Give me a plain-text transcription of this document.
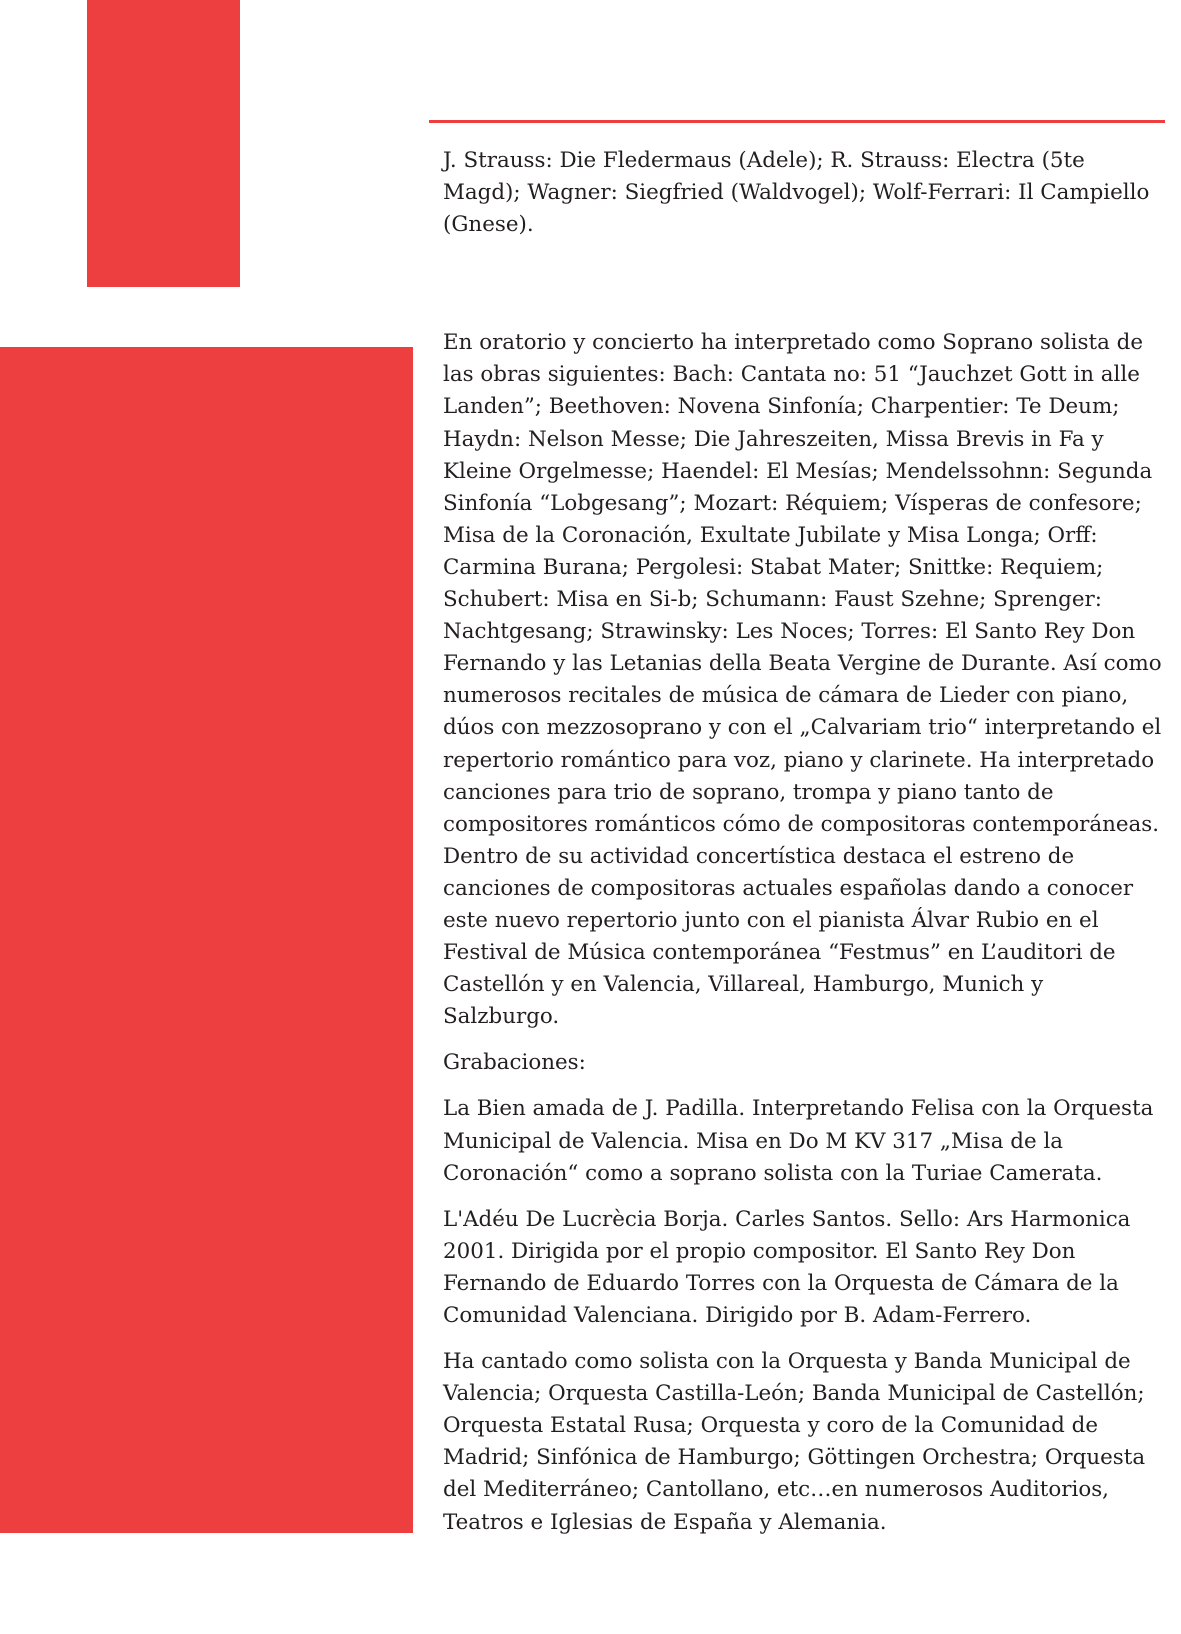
J. Strauss: Die Fledermaus (Adele); R. Strauss: Electra (5te Magd); Wagner: Siegfried (Waldvogel); Wolf-Ferrari: Il Campiello (Gnese).

En oratorio y concierto ha interpretado como Soprano solista de las obras siguientes: Bach: Cantata no: 51 “Jauchzet Gott in alle Landen”; Beethoven: Novena Sinfonía; Charpentier: Te Deum; Haydn: Nelson Messe; Die Jahreszeiten, Missa Brevis in Fa y Kleine Orgelmesse; Haendel: El Mesías; Mendelssohnn: Segunda Sinfonía “Lobgesang”; Mozart: Réquiem; Vísperas de confesore; Misa de la Coronación, Exultate Jubilate y Misa Longa; Orff: Carmina Burana; Pergolesi: Stabat Mater; Snittke: Requiem; Schubert: Misa en Si-b; Schumann: Faust Szehne; Sprenger: Nachtgesang; Strawinsky: Les Noces; Torres: El Santo Rey Don Fernando y las Letanias della Beata Vergine de Durante. Así como numerosos recitales de música de cámara de Lieder con piano, dúos con mezzosoprano y con el „Calvariam trio“ interpretando el repertorio romántico para voz, piano y clarinete. Ha interpretado canciones para trio de soprano, trompa y piano tanto de compositores románticos cómo de compositoras contemporáneas. Dentro de su actividad concertística destaca el estreno de canciones de compositoras actuales españolas dando a conocer este nuevo repertorio junto con el pianista Álvar Rubio en el Festival de Música contemporánea “Festmus” en L’auditori de Castellón y en Valencia, Villareal, Hamburgo, Munich y Salzburgo.

Grabaciones:

La Bien amada de J. Padilla. Interpretando Felisa con la Orquesta Municipal de Valencia. Misa en Do M KV 317 „Misa de la Coronación“ como a soprano solista con la Turiae Camerata.

L'Adéu De Lucrècia Borja. Carles Santos. Sello: Ars Harmonica 2001. Dirigida por el propio compositor. El Santo Rey Don Fernando de Eduardo Torres con la Orquesta de Cámara de la Comunidad Valenciana. Dirigido por B. Adam-Ferrero.

Ha cantado como solista con la Orquesta y Banda Municipal de Valencia; Orquesta Castilla-León; Banda Municipal de Castellón; Orquesta Estatal Rusa; Orquesta y coro de la Comunidad de Madrid; Sinfónica de Hamburgo; Göttingen Orchestra; Orquesta del Mediterráneo; Cantollano, etc…en numerosos Auditorios, Teatros e Iglesias de España y Alemania.
